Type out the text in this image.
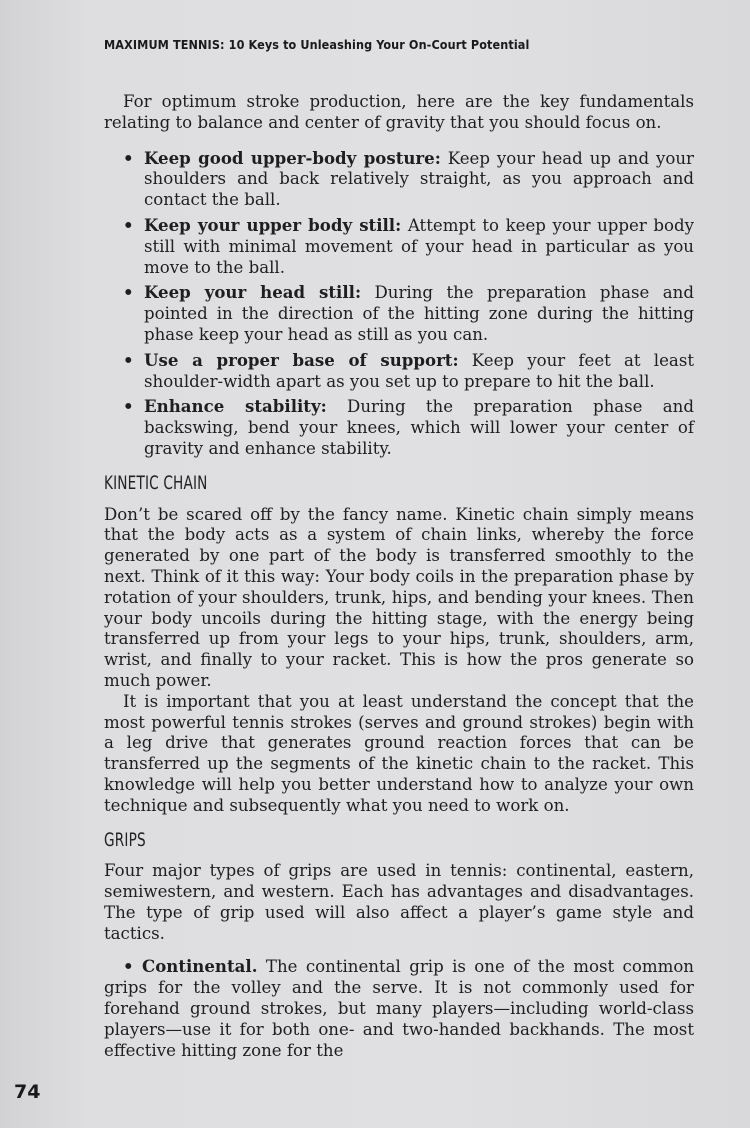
MAXIMUM TENNIS: 10 Keys to Unleashing Your On-Court Potential

For optimum stroke production, here are the key fundamentals relating to balance and center of gravity that you should focus on.

• Keep good upper-body posture: Keep your head up and your shoulders and back relatively straight, as you approach and contact the ball.
• Keep your upper body still: Attempt to keep your upper body still with minimal movement of your head in particular as you move to the ball.
• Keep your head still: During the preparation phase and pointed in the direction of the hitting zone during the hitting phase keep your head as still as you can.
• Use a proper base of support: Keep your feet at least shoulder-width apart as you set up to prepare to hit the ball.
• Enhance stability: During the preparation phase and backswing, bend your knees, which will lower your center of gravity and enhance stability.
KINETIC CHAIN

Don’t be scared off by the fancy name. Kinetic chain simply means that the body acts as a system of chain links, whereby the force generated by one part of the body is transferred smoothly to the next. Think of it this way: Your body coils in the preparation phase by rotation of your shoulders, trunk, hips, and bending your knees. Then your body uncoils during the hitting stage, with the energy being transferred up from your legs to your hips, trunk, shoulders, arm, wrist, and finally to your racket. This is how the pros generate so much power.

It is important that you at least understand the concept that the most powerful tennis strokes (serves and ground strokes) begin with a leg drive that generates ground reaction forces that can be transferred up the segments of the kinetic chain to the racket. This knowledge will help you better understand how to analyze your own technique and subsequently what you need to work on.

GRIPS

Four major types of grips are used in tennis: continental, eastern, semiwestern, and western. Each has advantages and disadvantages. The type of grip used will also affect a player’s game style and tactics.

• Continental. The continental grip is one of the most common grips for the volley and the serve. It is not commonly used for forehand ground strokes, but many players—including world-class players—use it for both one- and two-handed backhands. The most effective hitting zone for the

74
